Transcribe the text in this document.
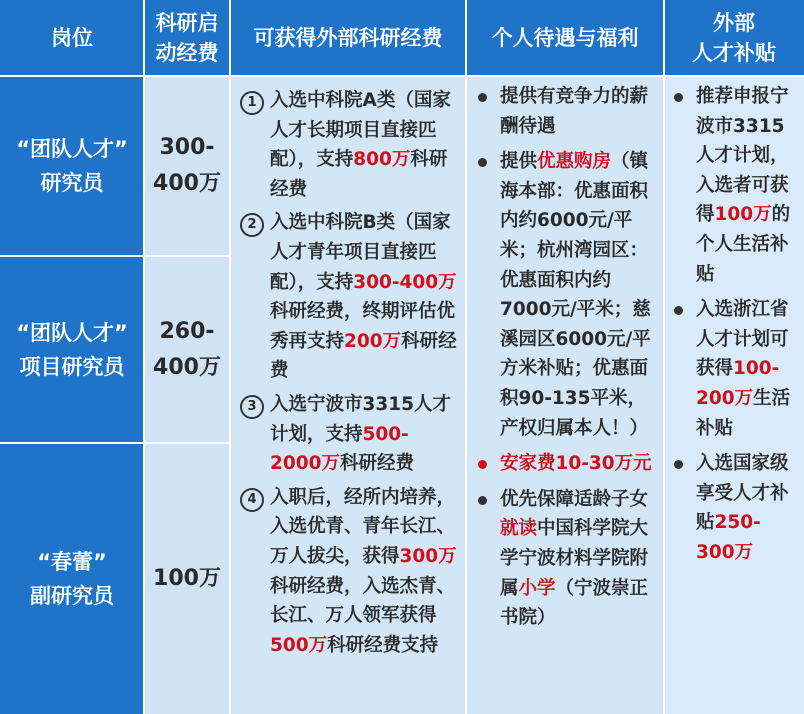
岗位
科研启
动经费
可获得外部科研经费 个人待遇与福利
外部
人才补贴
“团队人才”
研究员
“团队人才”
项目研究员
“春蕾”
副研究员
300-
400万
260-
400万
100万
1 入选中科院A类（国家人才长期项目直接匹配），支持800万科研经费
2 入选中科院B类（国家人才青年项目直接匹配），支持300-400万科研经费，终期评估优秀再支持200万科研经费
3 入选宁波市3315人才计划，支持500-2000万科研经费
4 入职后，经所内培养，入选优青、青年长江、万人拔尖，获得300万科研经费，入选杰青、长江、万人领军获得500万科研经费支持
提供有竞争力的薪酬待遇
提供优惠购房（镇海本部：优惠面积内约6000元/平米；杭州湾园区：优惠面积内约7000元/平米；慈溪园区6000元/平方米补贴；优惠面积90-135平米，产权归属本人！）
安家费10-30万元
优先保障适龄子女就读中国科学院大学宁波材料学院附属小学（宁波崇正书院）
推荐申报宁波市3315人才计划，入选者可获得100万的个人生活补贴
入选浙江省人才计划可获得100-200万生活补贴
入选国家级享受人才补贴250-300万
